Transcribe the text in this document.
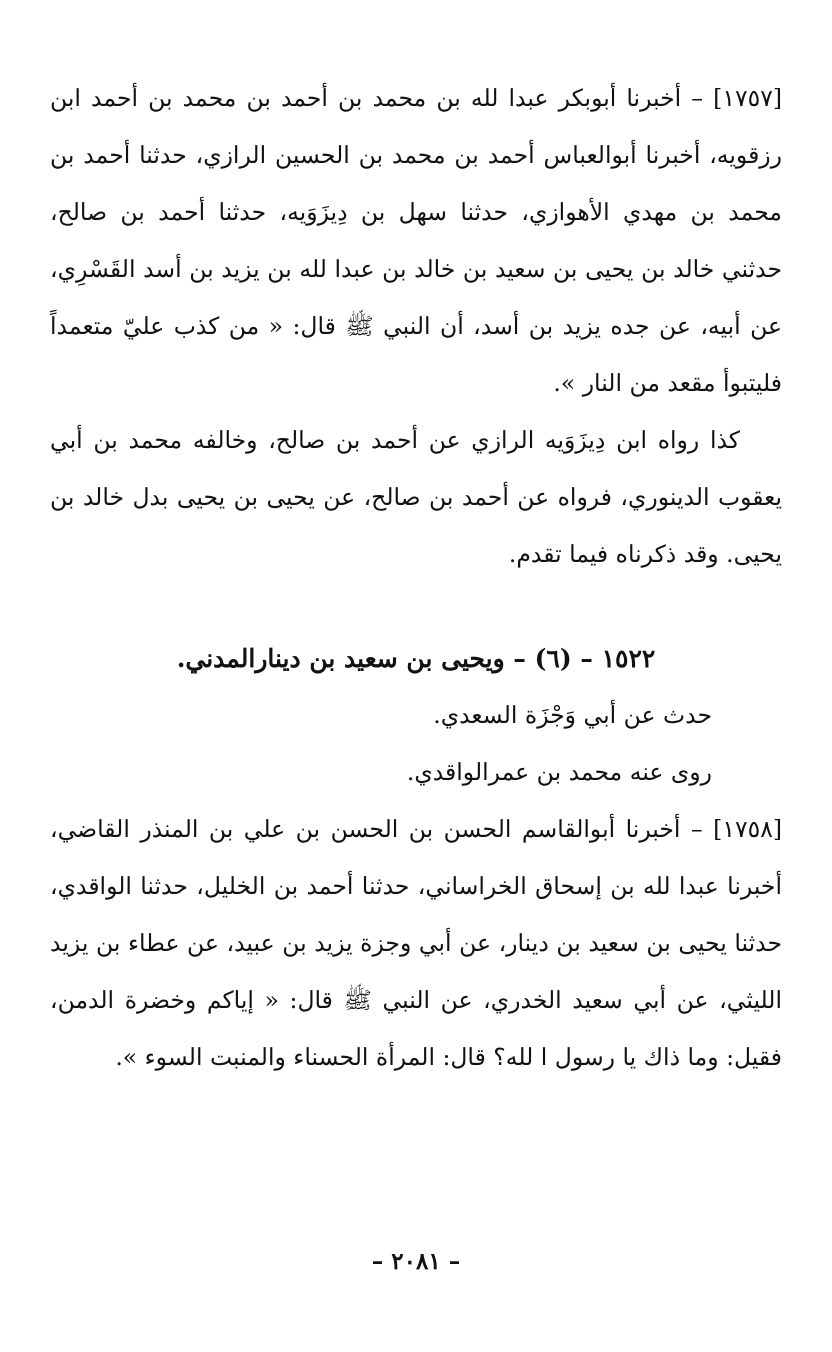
[١٧٥٧] – أخبرنا أبوبكر عبدا لله بن محمد بن أحمد بن محمد بن أحمد ابن رزقويه، أخبرنا أبوالعباس أحمد بن محمد بن الحسين الرازي، حدثنا أحمد بن محمد بن مهدي الأهوازي، حدثنا سهل بن دِيزَوَيه، حدثنا أحمد بن صالح، حدثني خالد بن يحيى بن سعيد بن خالد بن عبدا لله بن يزيد بن أسد القَسْرِي، عن أبيه، عن جده يزيد بن أسد، أن النبي ﷺ قال: « من كذب عليّ متعمداً فليتبوأ مقعد من النار ».

كذا رواه ابن دِيزَوَيه الرازي عن أحمد بن صالح، وخالفه محمد بن أبي يعقوب الدينوري، فرواه عن أحمد بن صالح، عن يحيى بن يحيى بدل خالد بن يحيى. وقد ذكرناه فيما تقدم.

١٥٢٢ – (٦) – ويحيى بن سعيد بن دينارالمدني.

حدث عن أبي وَجْزَة السعدي.

روى عنه محمد بن عمرالواقدي.

[١٧٥٨] – أخبرنا أبوالقاسم الحسن بن الحسن بن علي بن المنذر القاضي، أخبرنا عبدا لله بن إسحاق الخراساني، حدثنا أحمد بن الخليل، حدثنا الواقدي، حدثنا يحيى بن سعيد بن دينار، عن أبي وجزة يزيد بن عبيد، عن عطاء بن يزيد الليثي، عن أبي سعيد الخدري، عن النبي ﷺ قال: « إياكم وخضرة الدمن، فقيل: وما ذاك يا رسول ا لله؟ قال: المرأة الحسناء والمنبت السوء ».

– ٢٠٨١ –
